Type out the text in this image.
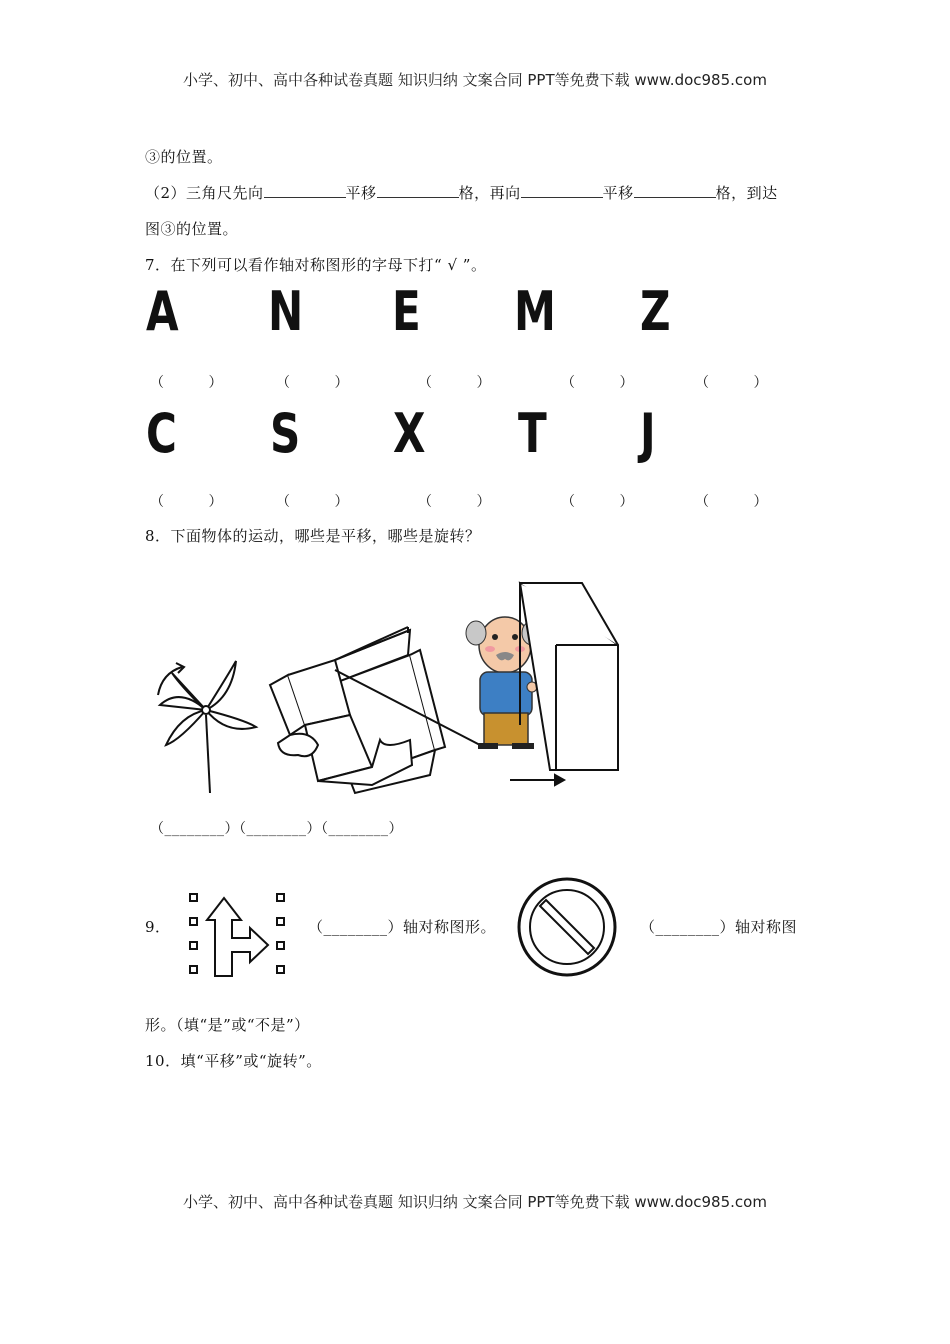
小学、初中、高中各种试卷真题 知识归纳 文案合同 PPT等免费下载 www.doc985.com
③的位置。
（2）三角尺先向	平移	格，再向	平移	格，到达
图③的位置。
7．在下列可以看作轴对称图形的字母下打“ √ ”。
A N E M Z
（          ）	（          ）	（          ）	（          ）	（          ）
C S X T J
（          ）	（          ）	（          ）	（          ）	（          ）
8．下面物体的运动，哪些是平移，哪些是旋转？
（________）（________）（________）
9．	（________）轴对称图形。	（________）轴对称图
形。（填“是”或“不是”）
10．填“平移”或“旋转”。
小学、初中、高中各种试卷真题 知识归纳 文案合同 PPT等免费下载 www.doc985.com
